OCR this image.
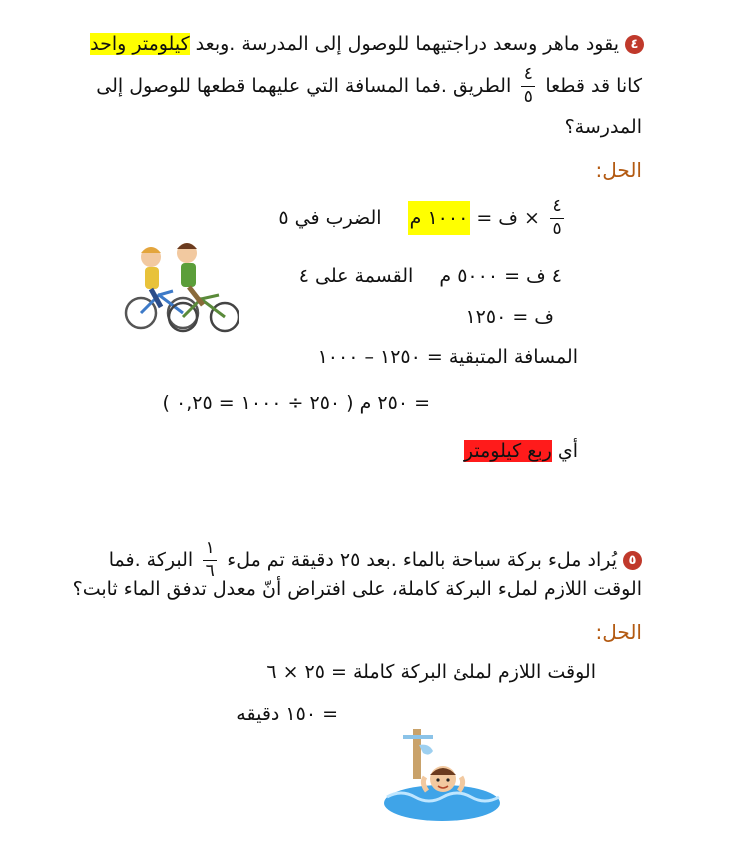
٤يقود ماهر وسعد دراجتيهما للوصول إلى المدرسة .وبعد كيلومتر واحد
كانا قد قطعا
$\frac{٤}{٥}$
الطريق .فما المسافة التي عليهما قطعها للوصول إلى
المدرسة؟
الحل:
$\frac{٤}{٥}$
× ف = ١٠٠٠ م  الضرب في ٥
٤ ف = ٥٠٠٠ م  القسمة على ٤
ف = ١٢٥٠
المسافة المتبقية = ١٢٥٠ – ١٠٠٠
= ٢٥٠ م ( ٢٥٠ ÷ ١٠٠٠ = ٠,٢٥ )
أي ربع كيلومتر
٥يُراد ملء بركة سباحة بالماء .بعد ٢٥ دقيقة تم ملء
$\frac{١}{٦}$
البركة .فما
الوقت اللازم لملء البركة كاملة، على افتراض أنّ معدل تدفق الماء ثابت؟
الحل:
الوقت اللازم لملئ البركة كاملة = ٢٥ × ٦
= ١٥٠ دقيقه
